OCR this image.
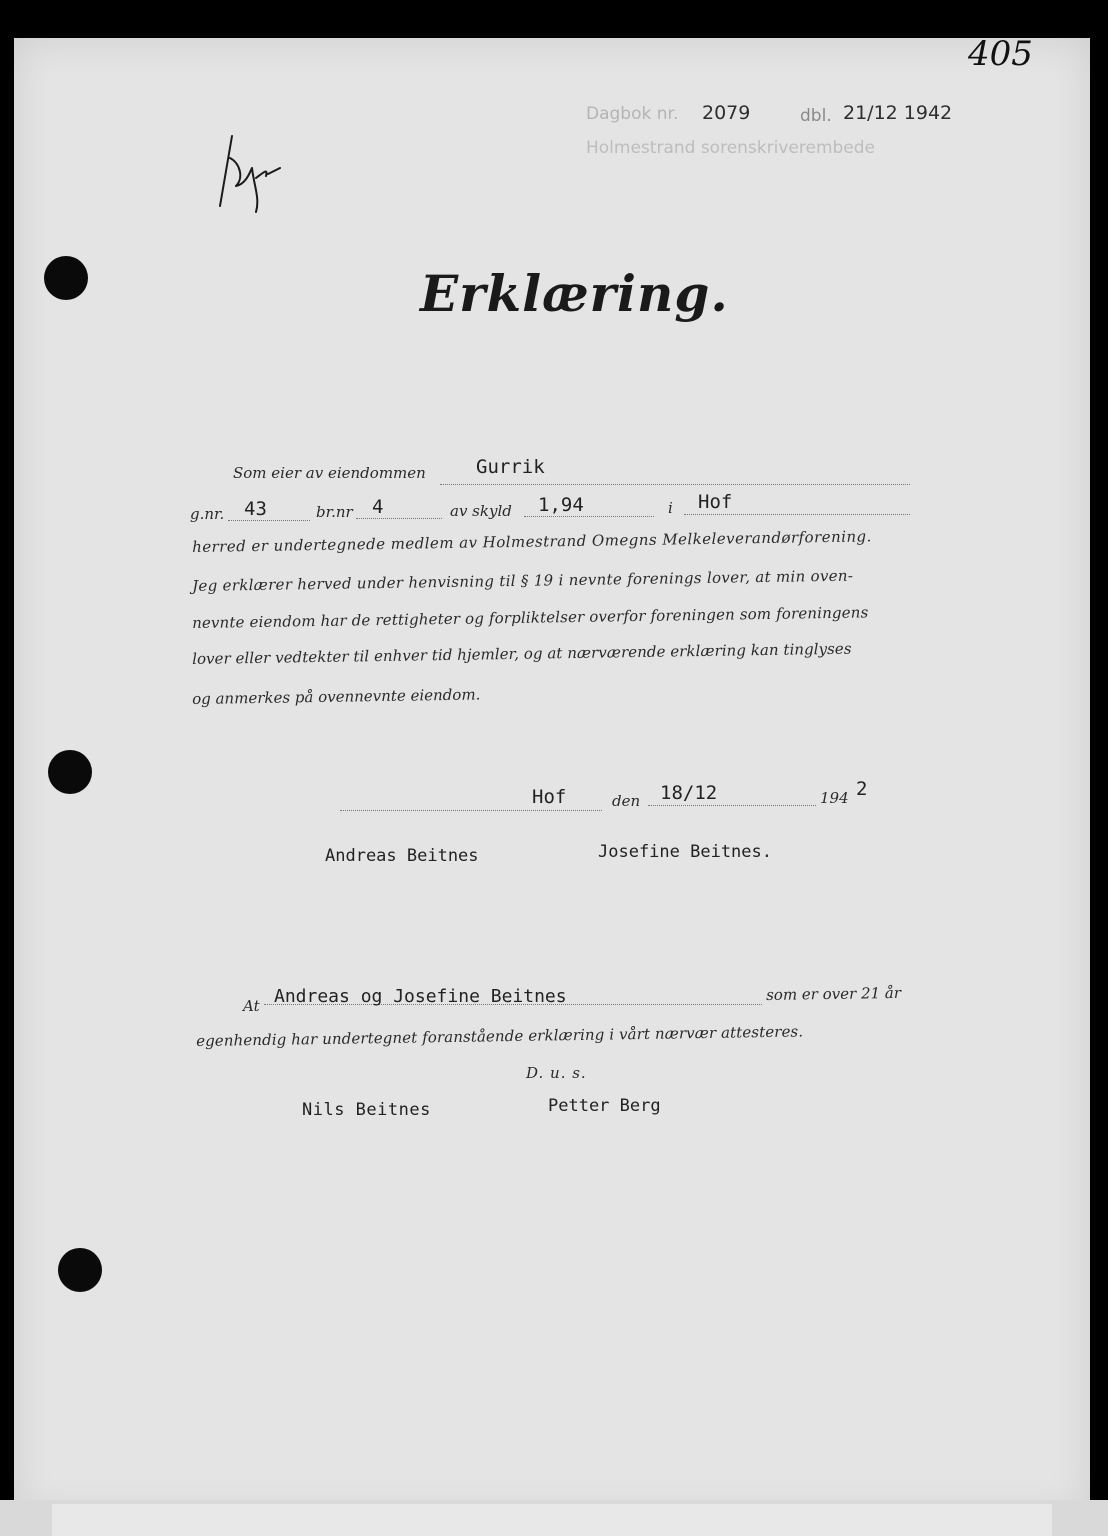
405
Dagbok nr. 2079	dbl. 21/12 1942
Holmestrand sorenskriverembede
Erklæring.
Som eier av eiendommen	Gurrik
g.nr. 43	br.nr 4	av skyld 1,94	i Hof
herred er undertegnede medlem av Holmestrand Omegns Melkeleverandørforening.
Jeg erklærer herved under henvisning til § 19 i nevnte forenings lover, at min oven-
nevnte eiendom har de rettigheter og forpliktelser overfor foreningen som foreningens
lover eller vedtekter til enhver tid hjemler, og at nærværende erklæring kan tinglyses
og anmerkes på ovennevnte eiendom.
Hof	den 18/12	194 2
Andreas Beitnes	Josefine Beitnes.
At Andreas og Josefine Beitnes	som er over 21 år
egenhendig har undertegnet foranstående erklæring i vårt nærvær attesteres.
D. u. s.
Nils Beitnes	Petter Berg
